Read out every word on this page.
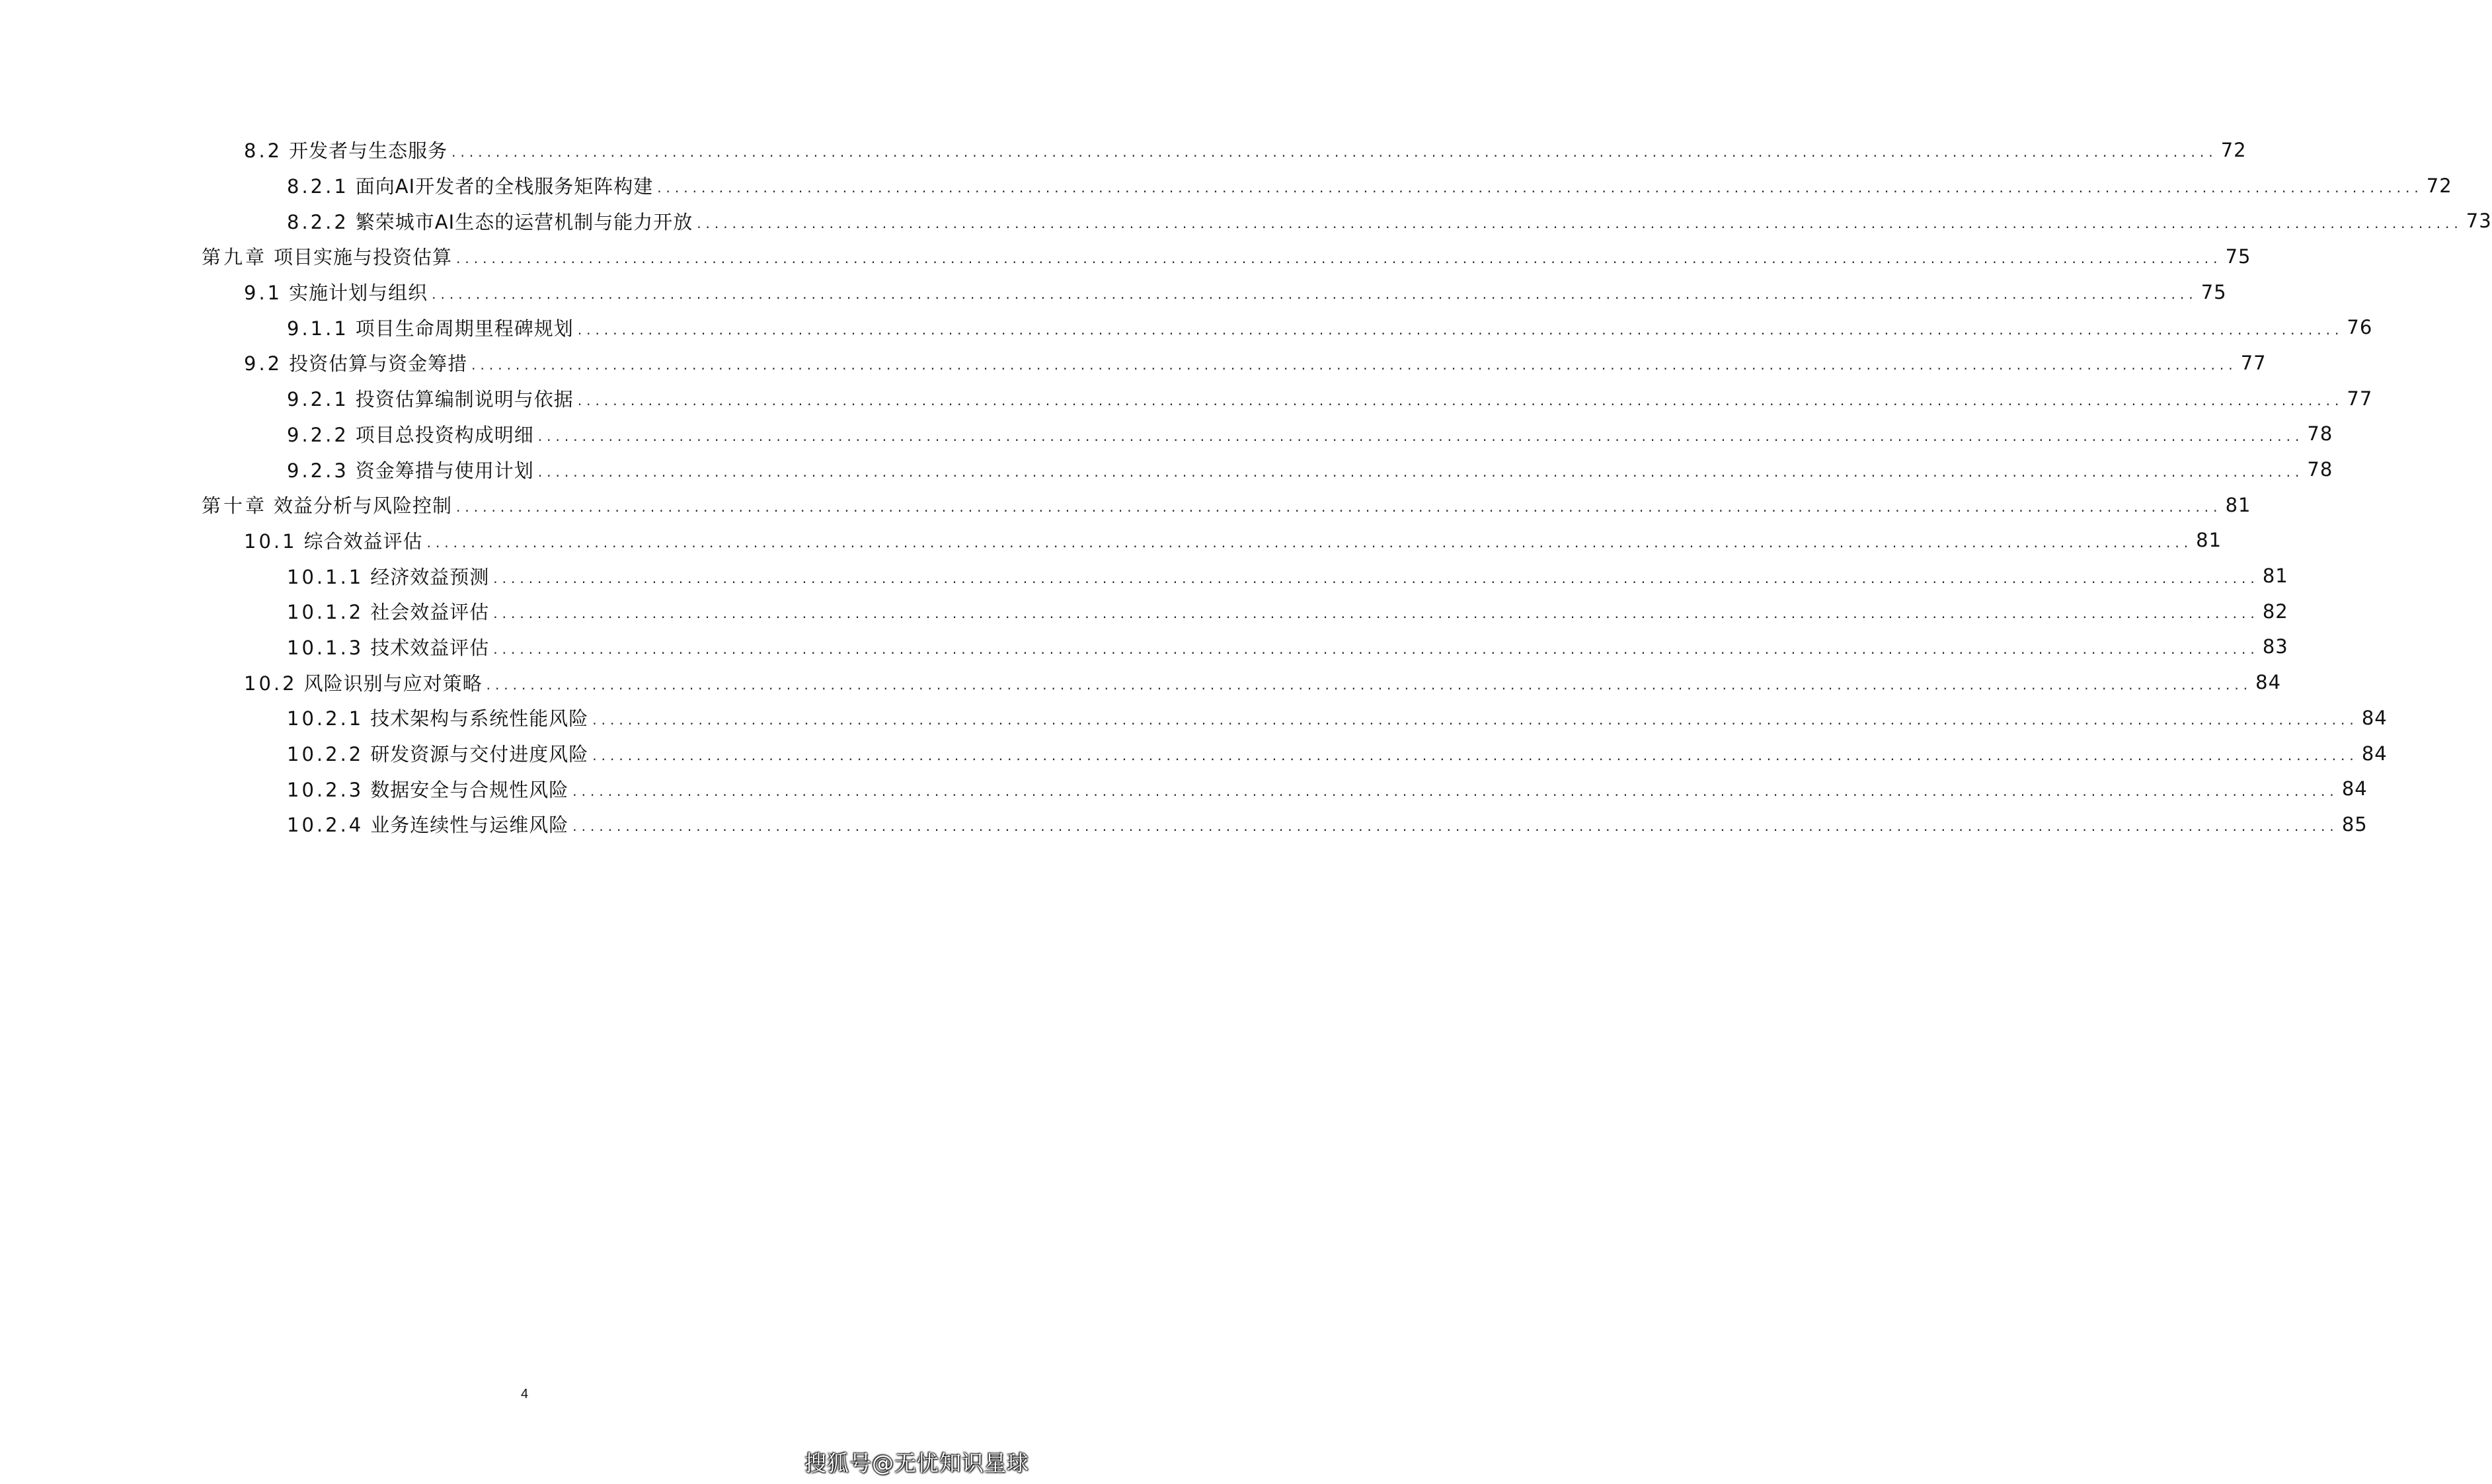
8.2 开发者与生态服务 ........................................................................................................................................................................................................ 72
8.2.1 面向AI开发者的全栈服务矩阵构建 ........................................................................................................................................................................................................ 72
8.2.2 繁荣城市AI生态的运营机制与能力开放 ........................................................................................................................................................................................................ 73
第九章 项目实施与投资估算 ........................................................................................................................................................................................................ 75
9.1 实施计划与组织 ........................................................................................................................................................................................................ 75
9.1.1 项目生命周期里程碑规划 ........................................................................................................................................................................................................ 76
9.2 投资估算与资金筹措 ........................................................................................................................................................................................................ 77
9.2.1 投资估算编制说明与依据 ........................................................................................................................................................................................................ 77
9.2.2 项目总投资构成明细 ........................................................................................................................................................................................................ 78
9.2.3 资金筹措与使用计划 ........................................................................................................................................................................................................ 78
第十章 效益分析与风险控制 ........................................................................................................................................................................................................ 81
10.1 综合效益评估 ........................................................................................................................................................................................................ 81
10.1.1 经济效益预测 ........................................................................................................................................................................................................ 81
10.1.2 社会效益评估 ........................................................................................................................................................................................................ 82
10.1.3 技术效益评估 ........................................................................................................................................................................................................ 83
10.2 风险识别与应对策略 ........................................................................................................................................................................................................ 84
10.2.1 技术架构与系统性能风险 ........................................................................................................................................................................................................ 84
10.2.2 研发资源与交付进度风险 ........................................................................................................................................................................................................ 84
10.2.3 数据安全与合规性风险 ........................................................................................................................................................................................................ 84
10.2.4 业务连续性与运维风险 ........................................................................................................................................................................................................ 85
4
搜狐号@无忧知识星球
